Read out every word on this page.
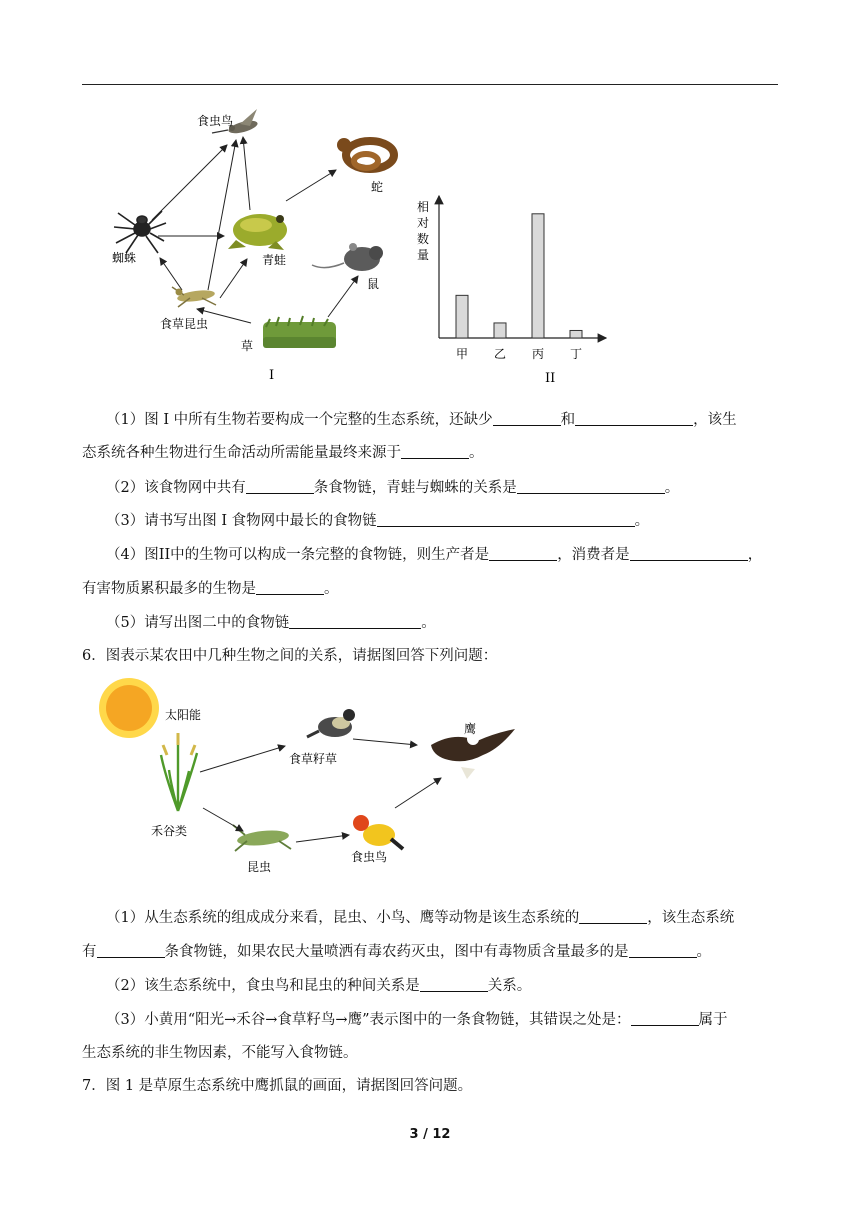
食虫鸟
蛇
蜘蛛	青蛙
鼠
食草昆虫
草
I
相
对
数
量
甲 乙 丙 丁
II
（1）图 I 中所有生物若要构成一个完整的生态系统，还缺少	和	，该生
态系统各种生物进行生命活动所需能量最终来源于	。
（2）该食物网中共有	条食物链，青蛙与蜘蛛的关系是	。
（3）请书写出图 I 食物网中最长的食物链	。
（4）图II中的生物可以构成一条完整的食物链，则生产者是	，消费者是	，
有害物质累积最多的生物是	。
（5）请写出图二中的食物链	。
6．图表示某农田中几种生物之间的关系，请据图回答下列问题：
太阳能
禾谷类
食草籽草
鹰
昆虫
食虫鸟
（1）从生态系统的组成成分来看，昆虫、小鸟、鹰等动物是该生态系统的	，该生态系统
有	条食物链，如果农民大量喷洒有毒农药灭虫，图中有毒物质含量最多的是	。
（2）该生态系统中，食虫鸟和昆虫的种间关系是	关系。
（3）小黄用“阳光→禾谷→食草籽鸟→鹰”表示图中的一条食物链，其错误之处是：	属于
生态系统的非生物因素，不能写入食物链。
7．图 1 是草原生态系统中鹰抓鼠的画面，请据图回答问题。
3 / 12
